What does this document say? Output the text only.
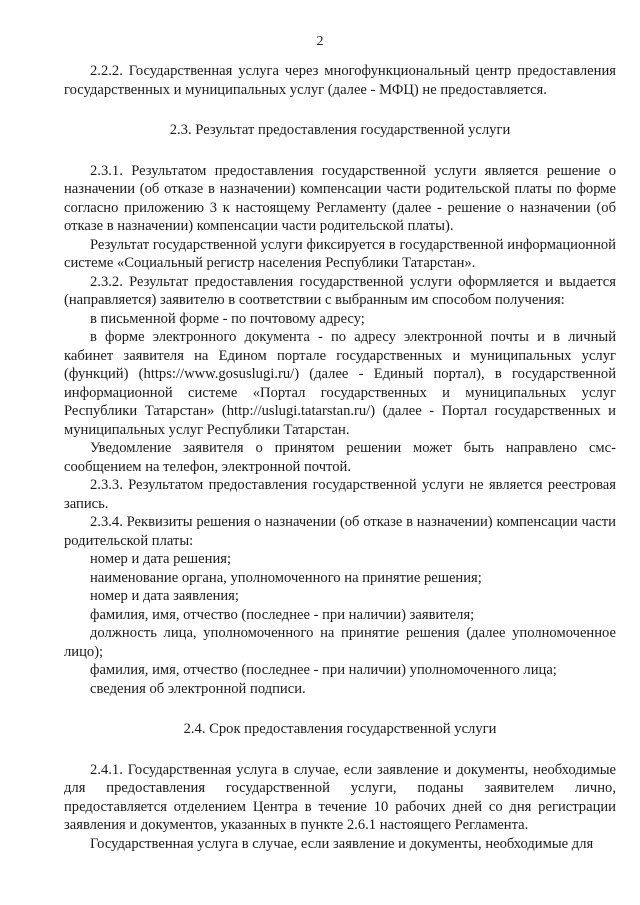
2

2.2.2. Государственная услуга через многофункциональный центр предоставления государственных и муниципальных услуг (далее - МФЦ) не предоставляется.

2.3. Результат предоставления государственной услуги

2.3.1. Результатом предоставления государственной услуги является решение о назначении (об отказе в назначении) компенсации части родительской платы по форме согласно приложению 3 к настоящему Регламенту (далее - решение о назначении (об отказе в назначении) компенсации части родительской платы).

Результат государственной услуги фиксируется в государственной информационной системе «Социальный регистр населения Республики Татарстан».

2.3.2. Результат предоставления государственной услуги оформляется и выдается (направляется) заявителю в соответствии с выбранным им способом получения:

в письменной форме - по почтовому адресу;

в форме электронного документа - по адресу электронной почты и в личный кабинет заявителя на Едином портале государственных и муниципальных услуг (функций) (https://www.gosuslugi.ru/) (далее - Единый портал), в государственной информационной системе «Портал государственных и муниципальных услуг Республики Татарстан» (http://uslugi.tatarstan.ru/) (далее - Портал государственных и муниципальных услуг Республики Татарстан.

Уведомление заявителя о принятом решении может быть направлено смс-сообщением на телефон, электронной почтой.

2.3.3. Результатом предоставления государственной услуги не является реестровая запись.

2.3.4. Реквизиты решения о назначении (об отказе в назначении) компенсации части родительской платы:

номер и дата решения;

наименование органа, уполномоченного на принятие решения;

номер и дата заявления;

фамилия, имя, отчество (последнее - при наличии) заявителя;

должность лица, уполномоченного на принятие решения (далее уполномоченное лицо);

фамилия, имя, отчество (последнее - при наличии) уполномоченного лица;

сведения об электронной подписи.

2.4. Срок предоставления государственной услуги

2.4.1. Государственная услуга в случае, если заявление и документы, необходимые для предоставления государственной услуги, поданы заявителем лично, предоставляется отделением Центра в течение 10 рабочих дней со дня регистрации заявления и документов, указанных в пункте 2.6.1 настоящего Регламента.

Государственная услуга в случае, если заявление и документы, необходимые для
